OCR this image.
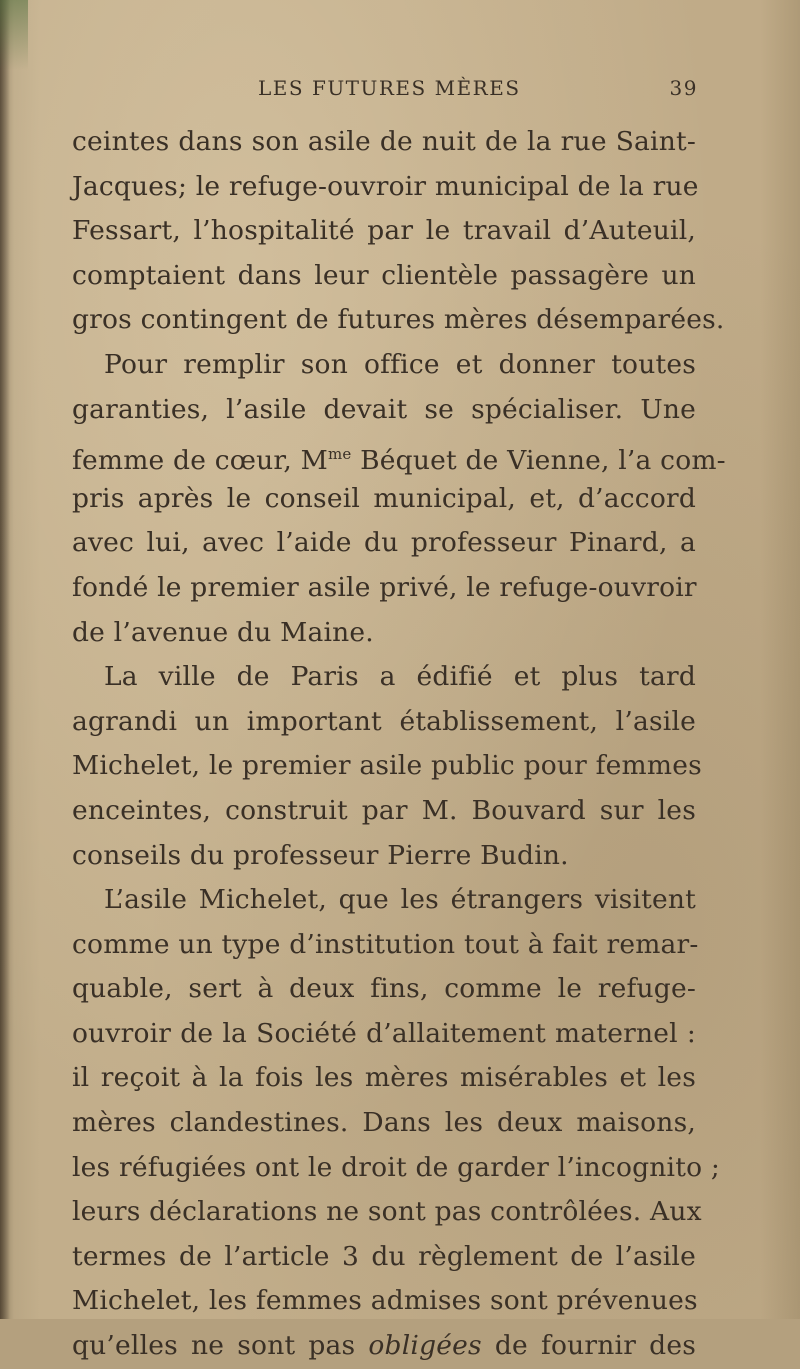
LES FUTURES MÈRES	39
ceintes dans son asile de nuit de la rue Saint-
Jacques; le refuge-ouvroir municipal de la rue
Fessart, l’hospitalité par le travail d’Auteuil,
comptaient dans leur clientèle passagère un
gros contingent de futures mères désemparées.
Pour remplir son office et donner toutes
garanties, l’asile devait se spécialiser. Une
femme de cœur, $M^{me}$ Béquet de Vienne, l’a com-
pris après le conseil municipal, et, d’accord
avec lui, avec l’aide du professeur Pinard, a
fondé le premier asile privé, le refuge-ouvroir
de l’avenue du Maine.
La ville de Paris a édifié et plus tard
agrandi un important établissement, l’asile
Michelet, le premier asile public pour femmes
enceintes, construit par M. Bouvard sur les
conseils du professeur Pierre Budin.
L’asile Michelet, que les étrangers visitent
comme un type d’institution tout à fait remar-
quable, sert à deux fins, comme le refuge-
ouvroir de la Société d’allaitement maternel :
il reçoit à la fois les mères misérables et les
mères clandestines. Dans les deux maisons,
les réfugiées ont le droit de garder l’incognito ;
leurs déclarations ne sont pas contrôlées. Aux
termes de l’article 3 du règlement de l’asile
Michelet, les femmes admises sont prévenues
qu’elles ne sont pas obligées de fournir des
